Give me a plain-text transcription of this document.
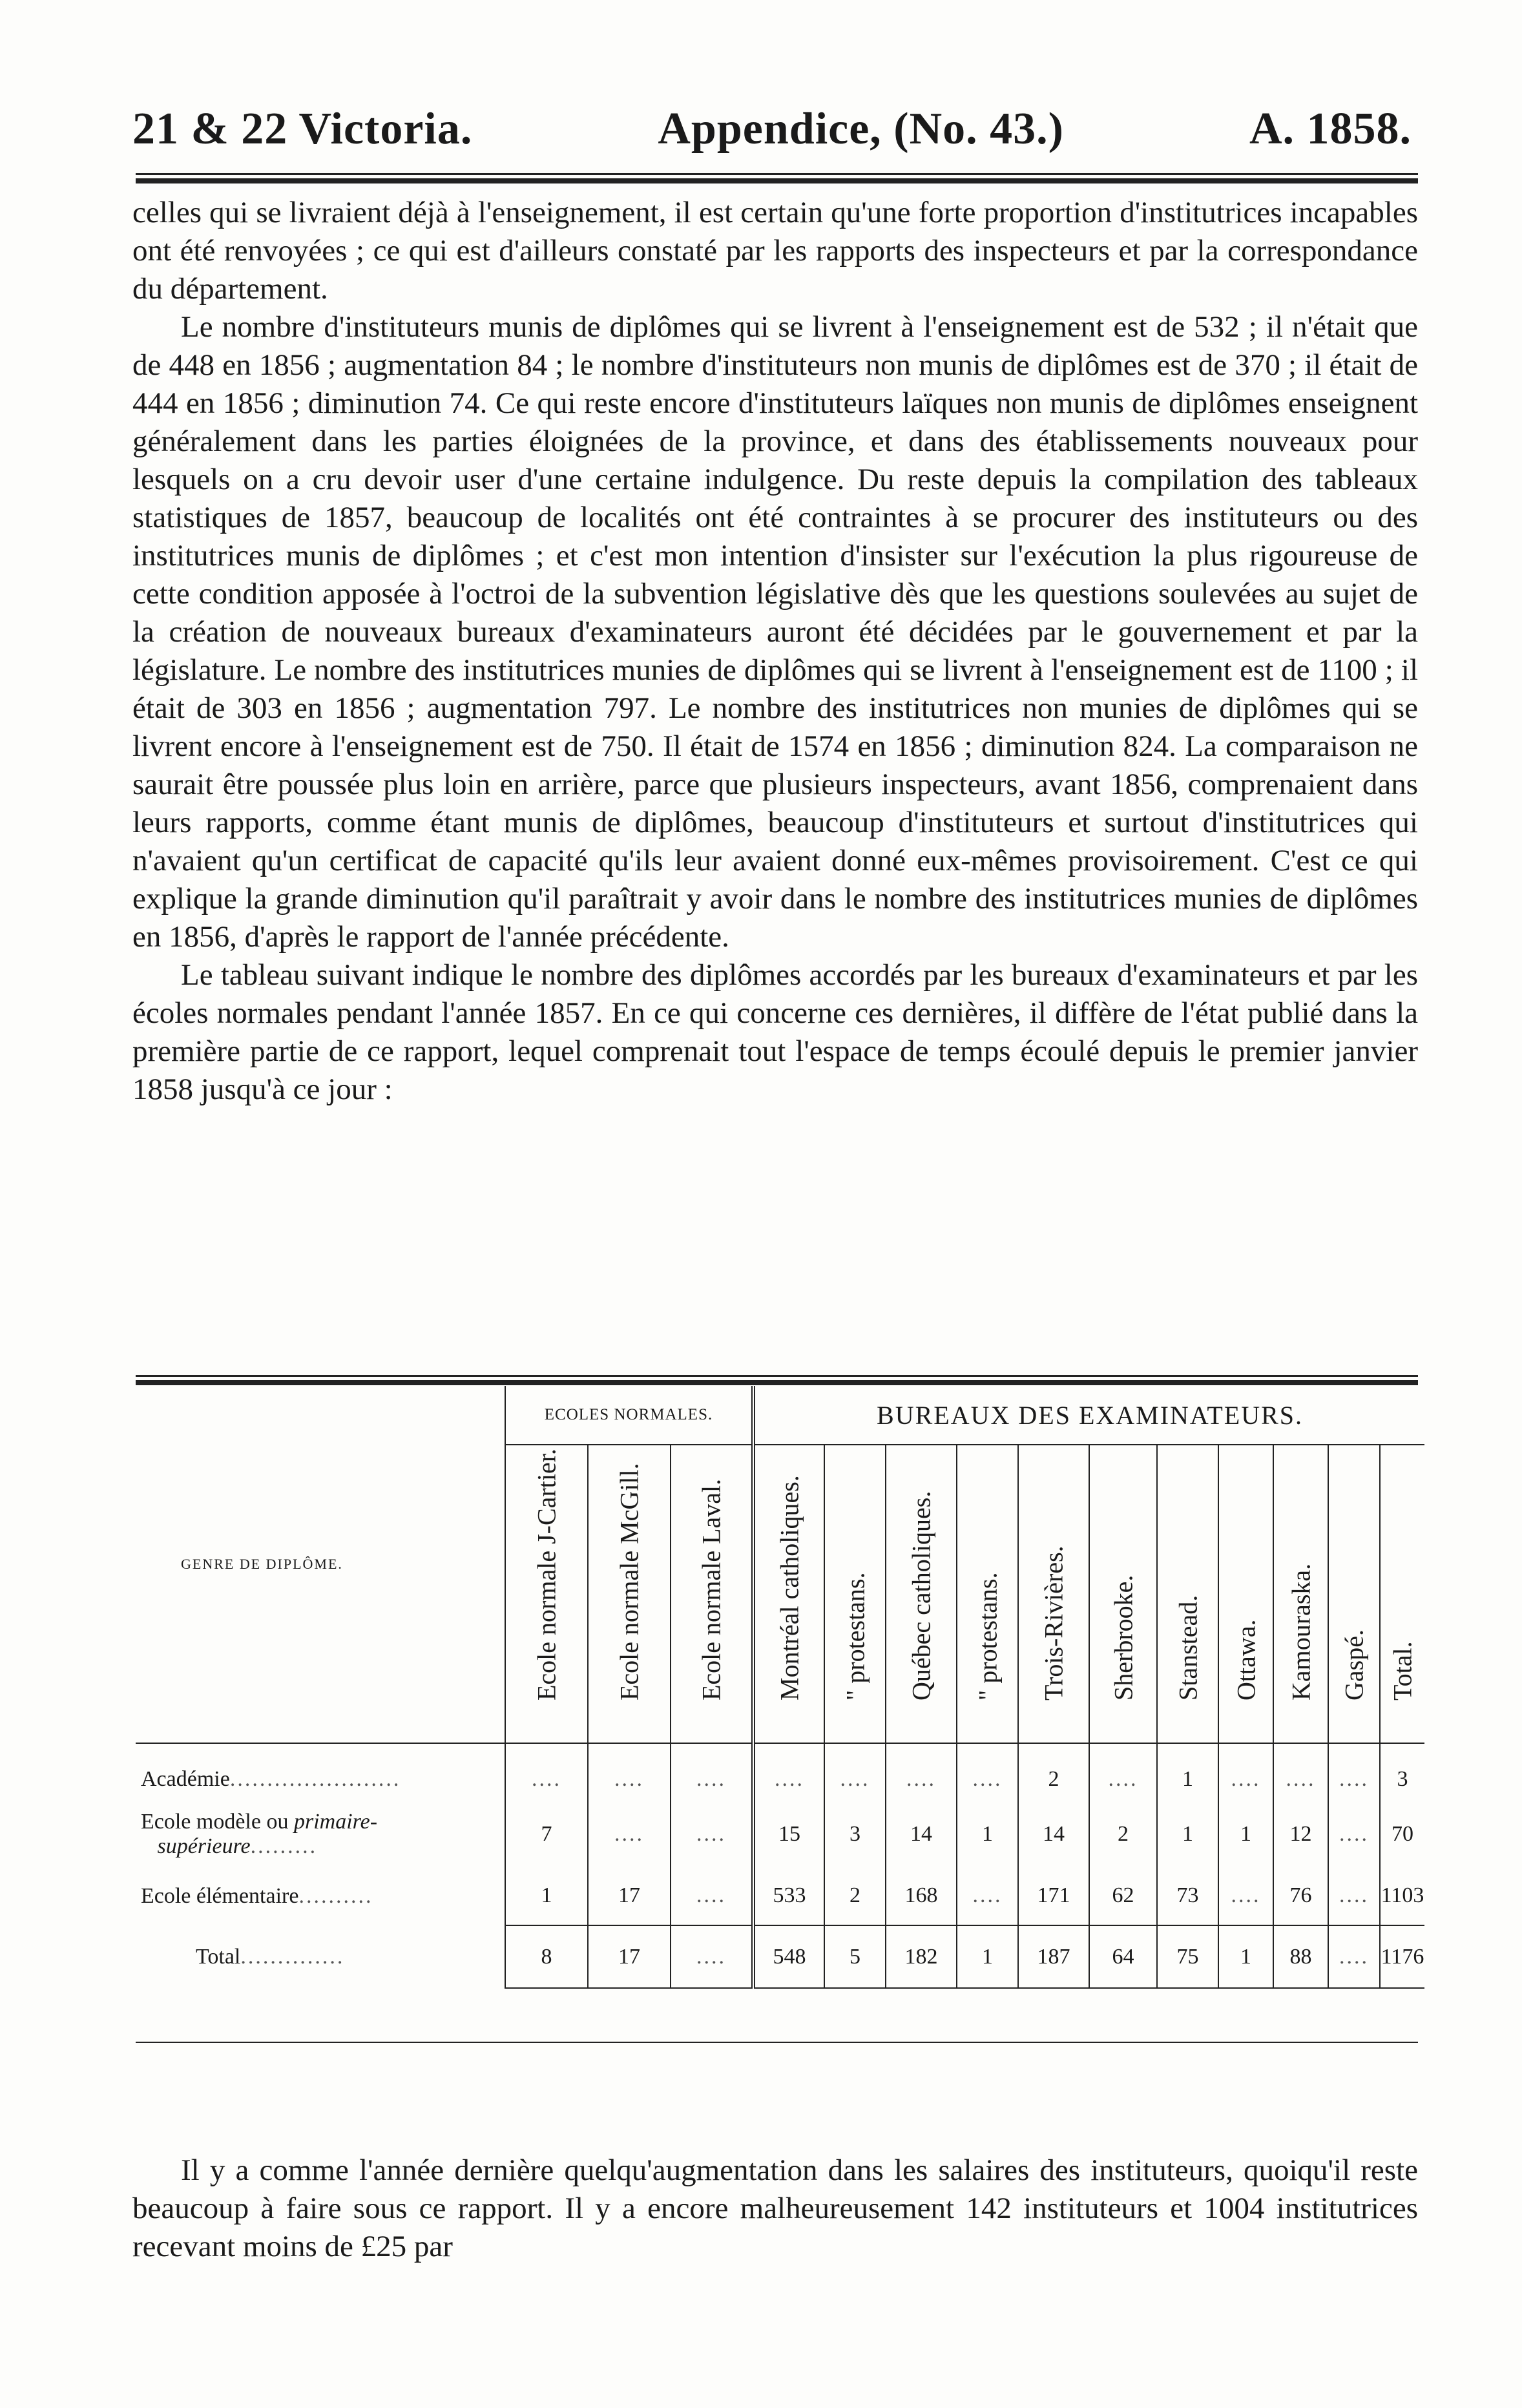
21 & 22 Victoria.	Appendice, (No. 43.)	A. 1858.

celles qui se livraient déjà à l'enseignement, il est certain qu'une forte proportion d'institutrices incapables ont été renvoyées ; ce qui est d'ailleurs constaté par les rapports des inspecteurs et par la correspondance du département.

Le nombre d'instituteurs munis de diplômes qui se livrent à l'enseignement est de 532 ; il n'était que de 448 en 1856 ; augmentation 84 ; le nombre d'instituteurs non munis de diplômes est de 370 ; il était de 444 en 1856 ; diminution 74. Ce qui reste encore d'instituteurs laïques non munis de diplômes enseignent généralement dans les parties éloignées de la province, et dans des établissements nouveaux pour lesquels on a cru devoir user d'une certaine indulgence. Du reste depuis la compilation des tableaux statistiques de 1857, beaucoup de localités ont été contraintes à se procurer des instituteurs ou des institutrices munis de diplômes ; et c'est mon intention d'insister sur l'exécution la plus rigoureuse de cette condition apposée à l'octroi de la subvention législative dès que les questions soulevées au sujet de la création de nouveaux bureaux d'examinateurs auront été décidées par le gouvernement et par la législature. Le nombre des institutrices munies de diplômes qui se livrent à l'enseignement est de 1100 ; il était de 303 en 1856 ; augmentation 797. Le nombre des institutrices non munies de diplômes qui se livrent encore à l'enseignement est de 750. Il était de 1574 en 1856 ; diminution 824. La comparaison ne saurait être poussée plus loin en arrière, parce que plusieurs inspecteurs, avant 1856, comprenaient dans leurs rapports, comme étant munis de diplômes, beaucoup d'instituteurs et surtout d'institutrices qui n'avaient qu'un certificat de capacité qu'ils leur avaient donné eux-mêmes provisoirement. C'est ce qui explique la grande diminution qu'il paraîtrait y avoir dans le nombre des institutrices munies de diplômes en 1856, d'après le rapport de l'année précédente.

Le tableau suivant indique le nombre des diplômes accordés par les bureaux d'examinateurs et par les écoles normales pendant l'année 1857. En ce qui concerne ces dernières, il diffère de l'état publié dans la première partie de ce rapport, lequel comprenait tout l'espace de temps écoulé depuis le premier janvier 1858 jusqu'à ce jour :

GENRE DE DIPLÔME.	ECOLES NORMALES.			BUREAUX DES EXAMINATEURS.										

	Ecole normale J-Cartier.	Ecole normale McGill.	Ecole normale Laval.	Montréal catholiques.	" protestans.	Québec catholiques.	" protestans.	Trois-Rivières.	Sherbrooke.	Stanstead.	Ottawa.	Kamouraska.	Gaspé.	Total.

Académie.......................	....	....	....	....	....	....	....	2	....	1	....	....	....	3
Ecole modèle ou primaire-
supérieure.........	7	....	....	15	3	14	1	14	2	1	1	12	....	70
Ecole élémentaire..........	1	17	....	533	2	168	....	171	62	73	....	76	....	1103
Total..............	8	17	....	548	5	182	1	187	64	75	1	88	....	1176

Il y a comme l'année dernière quelqu'augmentation dans les salaires des instituteurs, quoiqu'il reste beaucoup à faire sous ce rapport. Il y a encore malheureusement 142 instituteurs et 1004 institutrices recevant moins de £25 par
